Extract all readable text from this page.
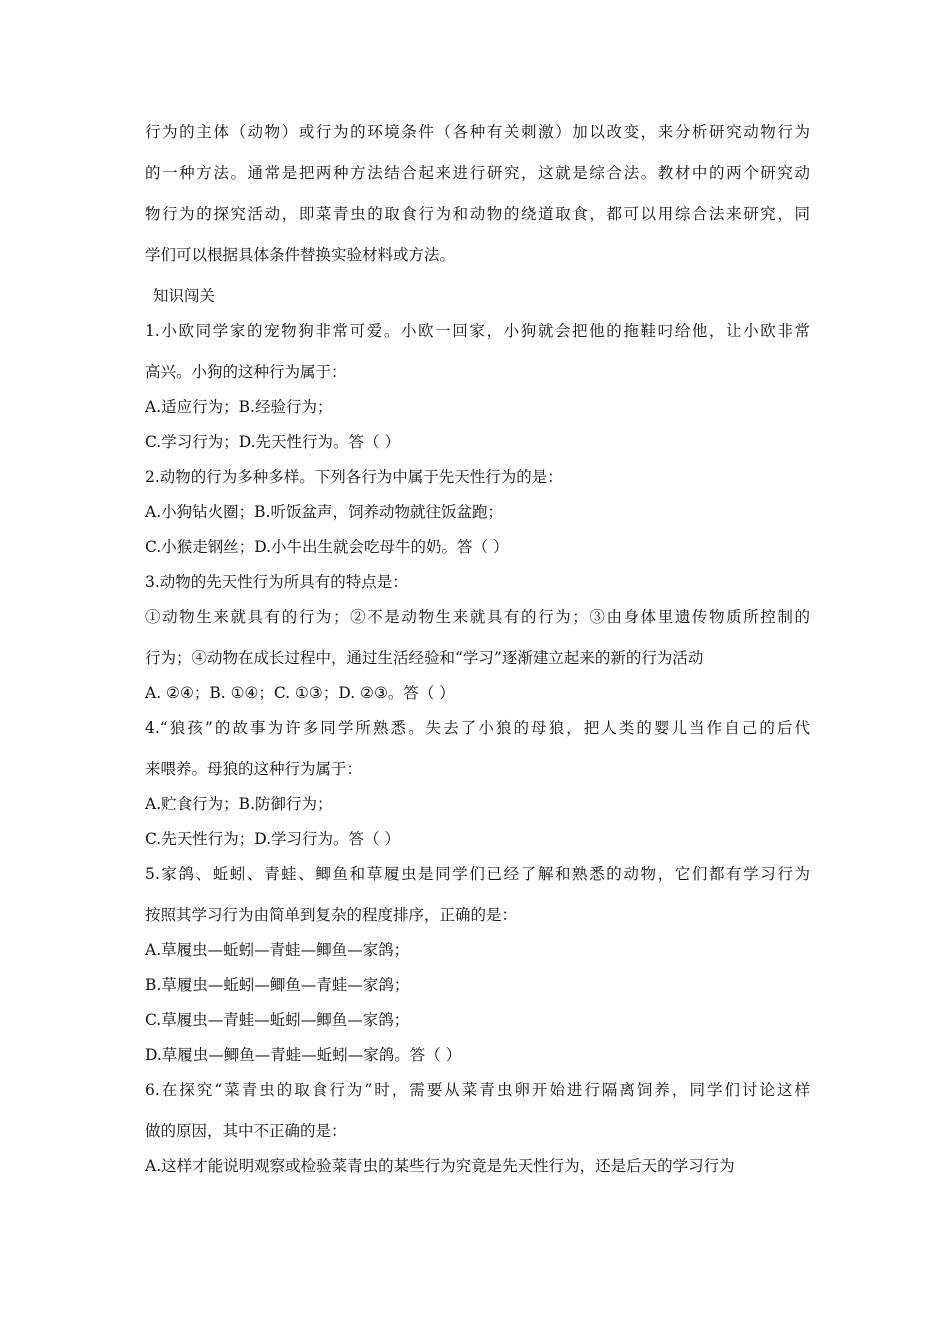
行为的主体（动物）或行为的环境条件（各种有关刺激）加以改变，来分析研究动物行为
的一种方法。通常是把两种方法结合起来进行研究，这就是综合法。教材中的两个研究动
物行为的探究活动，即菜青虫的取食行为和动物的绕道取食，都可以用综合法来研究，同
学们可以根据具体条件替换实验材料或方法。
知识闯关
1.小欧同学家的宠物狗非常可爱。小欧一回家，小狗就会把他的拖鞋叼给他，让小欧非常
高兴。小狗的这种行为属于：
A.适应行为；B.经验行为；
C.学习行为；D.先天性行为。答（ ）
2.动物的行为多种多样。下列各行为中属于先天性行为的是：
A.小狗钻火圈；B.听饭盆声，饲养动物就往饭盆跑；
C.小猴走钢丝；D.小牛出生就会吃母牛的奶。答（ ）
3.动物的先天性行为所具有的特点是：
①动物生来就具有的行为；②不是动物生来就具有的行为；③由身体里遗传物质所控制的
行为；④动物在成长过程中，通过生活经验和“学习”逐渐建立起来的新的行为活动
A. ②④；B. ①④；C. ①③；D. ②③。答（ ）
4.“狼孩”的故事为许多同学所熟悉。失去了小狼的母狼，把人类的婴儿当作自己的后代
来喂养。母狼的这种行为属于：
A.贮食行为；B.防御行为；
C.先天性行为；D.学习行为。答（ ）
5.家鸽、蚯蚓、青蛙、鲫鱼和草履虫是同学们已经了解和熟悉的动物，它们都有学习行为
按照其学习行为由简单到复杂的程度排序，正确的是：
A.草履虫—蚯蚓—青蛙—鲫鱼—家鸽；
B.草履虫—蚯蚓—鲫鱼—青蛙—家鸽；
C.草履虫—青蛙—蚯蚓—鲫鱼—家鸽；
D.草履虫—鲫鱼—青蛙—蚯蚓—家鸽。答（ ）
6.在探究“菜青虫的取食行为”时，需要从菜青虫卵开始进行隔离饲养，同学们讨论这样
做的原因，其中不正确的是：
A.这样才能说明观察或检验菜青虫的某些行为究竟是先天性行为，还是后天的学习行为
